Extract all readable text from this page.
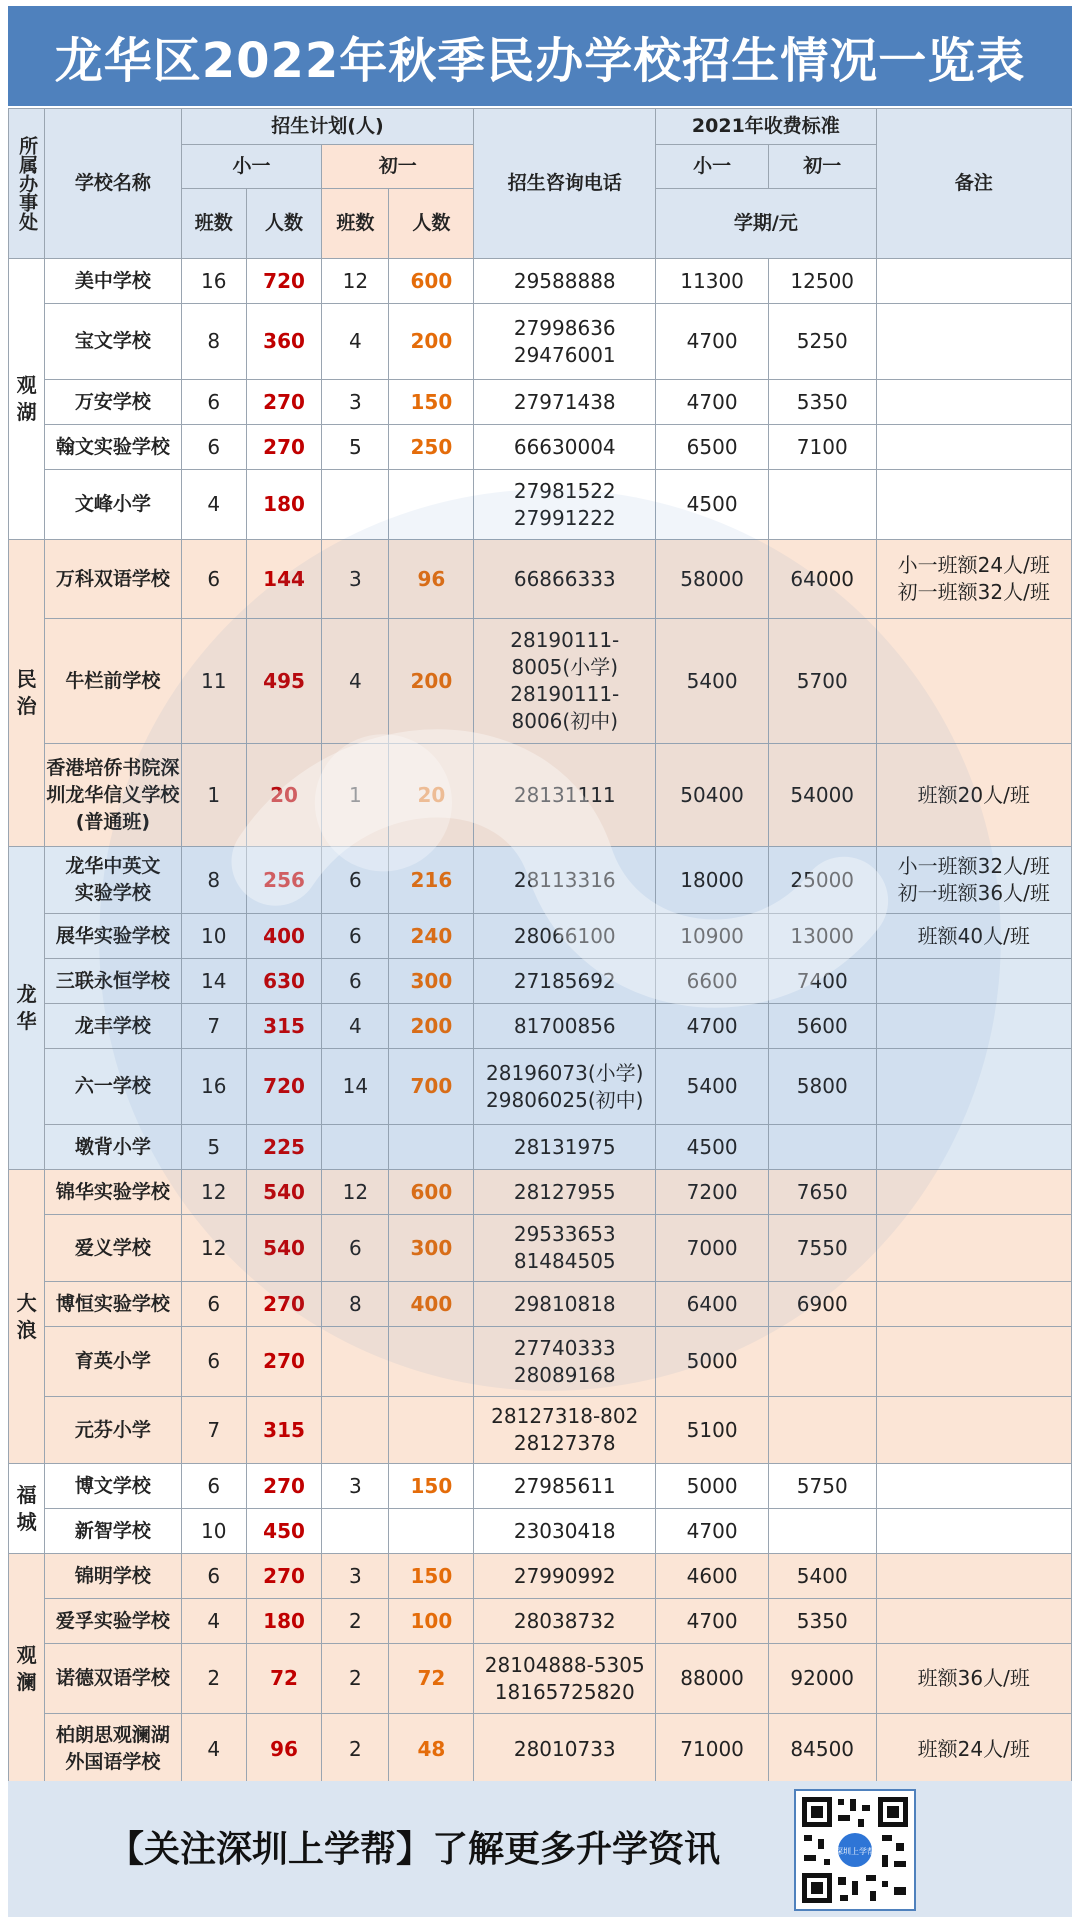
龙华区2022年秋季民办学校招生情况一览表
所属办事处	学校名称	招生计划(人)				招生咨询电话	2021年收费标准		备注
		小一		初一			小一	初一	
		班数	人数	班数	人数		学期/元		
观湖	美中学校	16	720	12	600	29588888	11300	12500	
	宝文学校	8	360	4	200	27998636
29476001	4700	5250	
	万安学校	6	270	3	150	27971438	4700	5350	
	翰文实验学校	6	270	5	250	66630004	6500	7100	
	文峰小学	4	180			27981522
27991222	4500		
民治	万科双语学校	6	144	3	96	66866333	58000	64000	小一班额24人/班
初一班额32人/班
	牛栏前学校	11	495	4	200	28190111-
8005(小学)
28190111-
8006(初中)	5400	5700	
	香港培侨书院深
圳龙华信义学校
(普通班)	1	20	1	20	28131111	50400	54000	班额20人/班
龙华	龙华中英文
实验学校	8	256	6	216	28113316	18000	25000	小一班额32人/班
初一班额36人/班
	展华实验学校	10	400	6	240	28066100	10900	13000	班额40人/班
	三联永恒学校	14	630	6	300	27185692	6600	7400	
	龙丰学校	7	315	4	200	81700856	4700	5600	
	六一学校	16	720	14	700	28196073(小学)
29806025(初中)	5400	5800	
	墩背小学	5	225			28131975	4500		
大浪	锦华实验学校	12	540	12	600	28127955	7200	7650	
	爱义学校	12	540	6	300	29533653
81484505	7000	7550	
	博恒实验学校	6	270	8	400	29810818	6400	6900	
	育英小学	6	270			27740333
28089168	5000		
	元芬小学	7	315			28127318-802
28127378	5100		
福城	博文学校	6	270	3	150	27985611	5000	5750	
	新智学校	10	450			23030418	4700		
观澜	锦明学校	6	270	3	150	27990992	4600	5400	
	爱孚实验学校	4	180	2	100	28038732	4700	5350	
	诺德双语学校	2	72	2	72	28104888-5305
18165725820	88000	92000	班额36人/班
	柏朗思观澜湖
外国语学校	4	96	2	48	28010733	71000	84500	班额24人/班
【关注深圳上学帮】了解更多升学资讯	深圳上学帮
